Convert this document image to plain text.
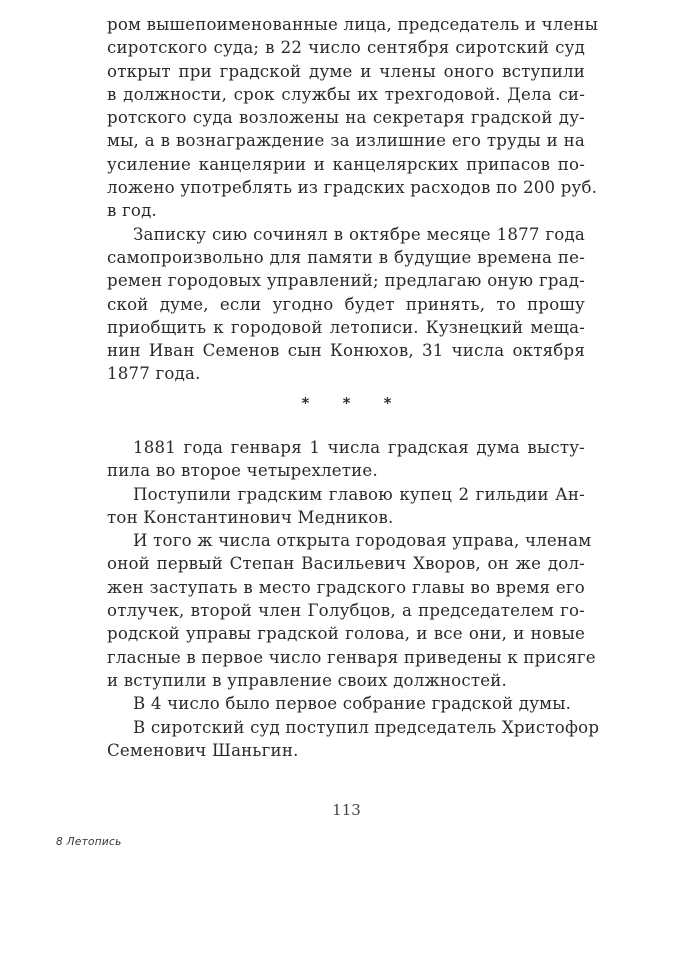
ром вышепоименованные лица, председатель и члены
сиротского суда; в 22 число сентября сиротский суд
открыт при градской думе и члены оного вступили
в должности, срок службы их трехгодовой. Дела си-
ротского суда возложены на секретаря градской ду-
мы, а в вознаграждение за излишние его труды и на
усиление канцелярии и канцелярских припасов по-
ложено употреблять из градских расходов по 200 руб.
в год.
Записку сию сочинял в октябре месяце 1877 года
самопроизвольно для памяти в будущие времена пе-
ремен городовых управлений; предлагаю оную град-
ской думе, если угодно будет принять, то прошу
приобщить к городовой летописи. Кузнецкий меща-
нин Иван Семенов сын Конюхов, 31 числа октября
1877 года.
* * *
1881 года генваря 1 числа градская дума высту-
пила во второе четырехлетие.
Поступили градским главою купец 2 гильдии Ан-
тон Константинович Медников.
И того ж числа открыта городовая управа, членам
оной первый Степан Васильевич Хворов, он же дол-
жен заступать в место градского главы во время его
отлучек, второй член Голубцов, а председателем го-
родской управы градской голова, и все они, и новые
гласные в первое число генваря приведены к присяге
и вступили в управление своих должностей.
В 4 число было первое собрание градской думы.
В сиротский суд поступил председатель Христофор
Семенович Шаньгин.
113
8 Летопись
